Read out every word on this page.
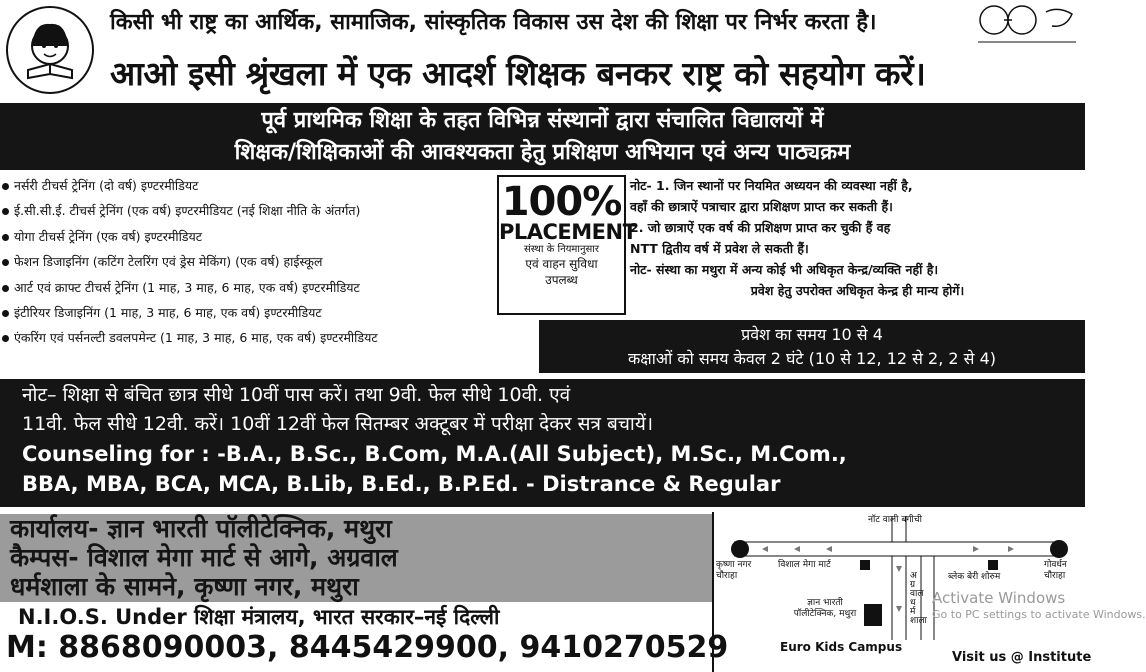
किसी भी राष्ट्र का आर्थिक, सामाजिक, सांस्कृतिक विकास उस देश की शिक्षा पर निर्भर करता है।
आओ इसी श्रृंखला में एक आदर्श शिक्षक बनकर राष्ट्र को सहयोग करें।
पूर्व प्राथमिक शिक्षा के तहत विभिन्न संस्थानों द्वारा संचालित विद्यालयों में
शिक्षक/शिक्षिकाओं की आवश्यकता हेतु प्रशिक्षण अभियान एवं अन्य पाठ्यक्रम
नर्सरी टीचर्स ट्रेनिंग (दो वर्ष) इण्टरमीडियट
ई.सी.सी.ई. टीचर्स ट्रेनिंग (एक वर्ष) इण्टरमीडियट (नई शिक्षा नीति के अंतर्गत)
योगा टीचर्स ट्रेनिंग (एक वर्ष) इण्टरमीडियट
फेशन डिजाइनिंग (कटिंग टेलरिंग एवं ड्रेस मेकिंग) (एक वर्ष) हाईस्कूल
आर्ट एवं क्राफ्ट टीचर्स ट्रेनिंग (1 माह, 3 माह, 6 माह, एक वर्ष) इण्टरमीडियट
इंटीरियर डिजाइनिंग (1 माह, 3 माह, 6 माह, एक वर्ष) इण्टरमीडियट
एंकरिंग एवं पर्सनल्टी डवलपमेन्ट (1 माह, 3 माह, 6 माह, एक वर्ष) इण्टरमीडियट
100%
PLACEMENT
संस्था के नियमानुसार
एवं वाहन सुविधा
उपलब्ध
नोट- 1. जिन स्थानों पर नियमित अध्ययन की व्यवस्था नहीं है,
वहाँ की छात्राऐं पत्राचार द्वारा प्रशिक्षण प्राप्त कर सकती हैं।
2. जो छात्राऐं एक वर्ष की प्रशिक्षण प्राप्त कर चुकी हैं वह
NTT द्वितीय वर्ष में प्रवेश ले सकती हैं।
नोट- संस्था का मथुरा में अन्य कोई भी अधिकृत केन्द्र/व्यक्ति नहीं है।
प्रवेश हेतु उपरोक्त अधिकृत केन्द्र ही मान्य होगें।
प्रवेश का समय 10 से 4
कक्षाओं को समय केवल 2 घंटे (10 से 12, 12 से 2, 2 से 4)
नोट– शिक्षा से बंचित छात्र सीधे 10वीं पास करें। तथा 9वी. फेल सीधे 10वी. एवं
11वी. फेल सीधे 12वी. करें। 10वीं 12वीं फेल सितम्बर अक्टूबर में परीक्षा देकर सत्र बचायें।
Counseling for : -B.A., B.Sc., B.Com, M.A.(All Subject), M.Sc., M.Com.,
BBA, MBA, BCA, MCA, B.Lib, B.Ed., B.P.Ed. - Distrance & Regular
कार्यालय- ज्ञान भारती पॉलीटेक्निक, मथुरा
कैम्पस- विशाल मेगा मार्ट से आगे, अग्रवाल
धर्मशाला के सामने, कृष्णा नगर, मथुरा
N.I.O.S. Under शिक्षा मंत्रालय, भारत सरकार–नई दिल्ली
M: 8868090003, 8445429900, 9410270529
नॉट वाली बगीची
कृष्णा नगर चौराहा
विशाल मेगा मार्ट
ब्लेक बेरी शोरुम
गोवर्धन चौराहा
ज्ञान भारती पॉलीटेक्निक, मथुरा
अग्रवाल धर्मशाला
Euro Kids Campus
Activate Windows
Go to PC settings to activate Windows.
Visit us @ Institute
